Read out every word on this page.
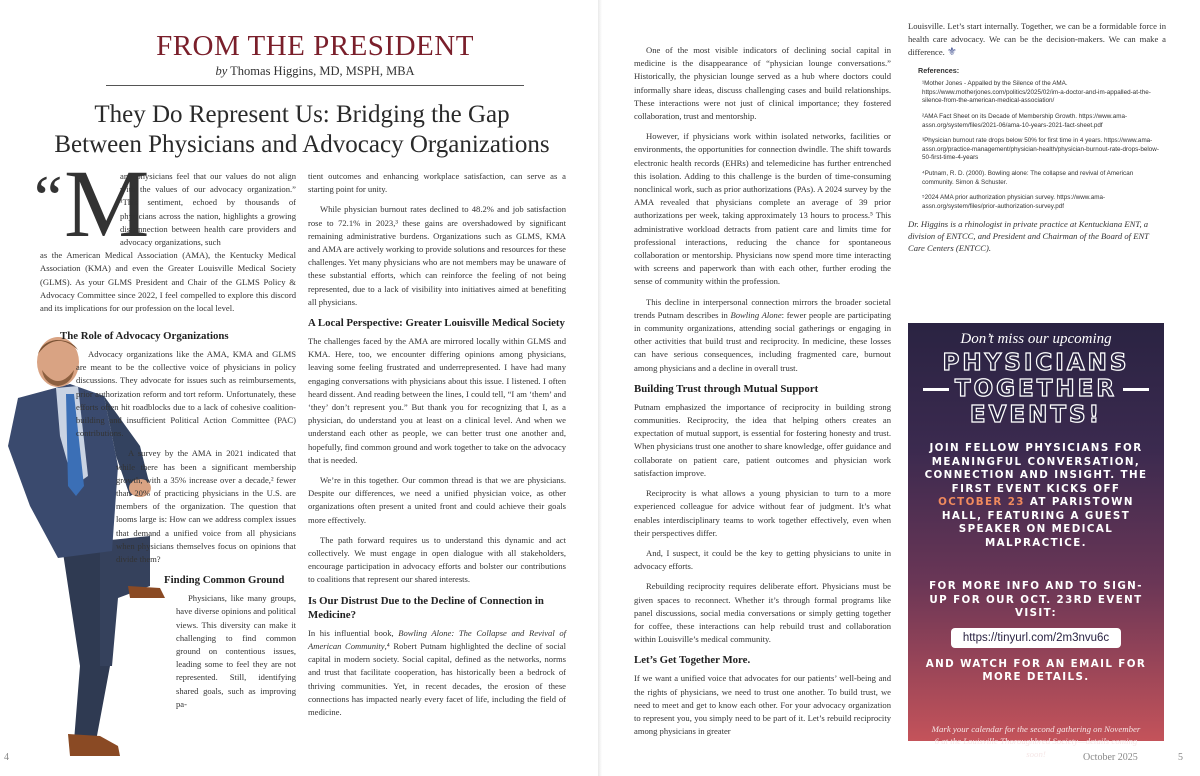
FROM THE PRESIDENT
by Thomas Higgins, MD, MSPH, MBA
They Do Represent Us: Bridging the Gap
Between Physicians and Advocacy Organizations
“ M

any physicians feel that our values do not align with the values of our advocacy organization.” ¹This sentiment, echoed by thousands of physicians across the nation, highlights a growing disconnection between health care providers and advocacy organizations, such

as the American Medical Association (AMA), the Kentucky Medical Association (KMA) and even the Greater Louisville Medical Society (GLMS). As your GLMS President and Chair of the GLMS Policy & Advocacy Committee since 2022, I feel compelled to explore this discord and its implications for our profession on the local level.

The Role of Advocacy Organizations

Advocacy organizations like the AMA, KMA and GLMS are meant to be the collective voice of physicians in policy discussions. They advocate for issues such as reimbursements, prior authorization reform and tort reform. Unfortunately, these efforts often hit roadblocks due to a lack of cohesive coalition-building and insufficient Political Action Committee (PAC) contributions.

A survey by the AMA in 2021 indicated that while there has been a significant membership growth, with a 35% increase over a decade,² fewer than 20% of practicing physicians in the U.S. are members of the organization. The question that looms large is: How can we address complex issues that demand a unified voice from all physicians when physicians themselves focus on opinions that divide them?

Finding Common Ground

Physicians, like many groups, have diverse opinions and political views. This diversity can make it challenging to find common ground on contentious issues, leading some to feel they are not represented. Still, identifying shared goals, such as improving pa-

tient outcomes and enhancing workplace satisfaction, can serve as a starting point for unity.

While physician burnout rates declined to 48.2% and job satisfaction rose to 72.1% in 2023,³ these gains are overshadowed by significant remaining administrative burdens. Organizations such as GLMS, KMA and AMA are actively working to provide solutions and resources for these challenges. Yet many physicians who are not members may be unaware of these substantial efforts, which can reinforce the feeling of not being represented, due to a lack of visibility into initiatives aimed at benefiting all physicians.

A Local Perspective: Greater Louisville Medical Society

The challenges faced by the AMA are mirrored locally within GLMS and KMA. Here, too, we encounter differing opinions among physicians, leaving some feeling frustrated and underrepresented. I have had many engaging conversations with physicians about this issue. I listened. I often heard dissent. And reading between the lines, I could tell, “I am ‘them’ and ‘they’ don’t represent you.” But thank you for recognizing that I, as a physician, do understand you at least on a clinical level. And when we understand each other as people, we can better trust one another and, hopefully, find common ground and work together to take on the advocacy that is needed.

We’re in this together. Our common thread is that we are physicians. Despite our differences, we need a unified physician voice, as other organizations often present a united front and could achieve their goals more effectively.

The path forward requires us to understand this dynamic and act collectively. We must engage in open dialogue with all stakeholders, encourage participation in advocacy efforts and bolster our contributions to coalitions that represent our shared interests.

Is Our Distrust Due to the Decline of Connection in Medicine?

In his influential book, Bowling Alone: The Collapse and Revival of American Community,⁴ Robert Putnam highlighted the decline of social capital in modern society. Social capital, defined as the networks, norms and trust that facilitate cooperation, has historically been a bedrock of thriving communities. Yet, in recent decades, the erosion of these connections has impacted nearly every facet of life, including the field of medicine.

4

One of the most visible indicators of declining social capital in medicine is the disappearance of “physician lounge conversations.” Historically, the physician lounge served as a hub where doctors could informally share ideas, discuss challenging cases and build relationships. These interactions were not just of clinical importance; they fostered collaboration, trust and mentorship.

However, if physicians work within isolated networks, facilities or environments, the opportunities for connection dwindle. The shift towards electronic health records (EHRs) and telemedicine has further entrenched this isolation. Adding to this challenge is the burden of time-consuming nonclinical work, such as prior authorizations (PAs). A 2024 survey by the AMA revealed that physicians complete an average of 39 prior authorizations per week, taking approximately 13 hours to process.⁵ This administrative workload detracts from patient care and limits time for professional interactions, reducing the chance for spontaneous collaboration or mentorship. Physicians now spend more time interacting with screens and paperwork than with each other, further eroding the sense of community within the profession.

This decline in interpersonal connection mirrors the broader societal trends Putnam describes in Bowling Alone: fewer people are participating in community organizations, attending social gatherings or engaging in other activities that build trust and reciprocity. In medicine, these losses can have serious consequences, including fragmented care, burnout among physicians and a decline in overall trust.

Building Trust through Mutual Support

Putnam emphasized the importance of reciprocity in building strong communities. Reciprocity, the idea that helping others creates an expectation of mutual support, is essential for fostering honesty and trust. When physicians trust one another to share knowledge, offer guidance and collaborate on patient care, patient outcomes and physician work satisfaction improve.

Reciprocity is what allows a young physician to turn to a more experienced colleague for advice without fear of judgment. It’s what enables interdisciplinary teams to work together effectively, even when their perspectives differ.

And, I suspect, it could be the key to getting physicians to unite in advocacy efforts.

Rebuilding reciprocity requires deliberate effort. Physicians must be given spaces to reconnect. Whether it’s through formal programs like panel discussions, social media conversations or simply getting together for coffee, these interactions can help rebuild trust and collaboration within Louisville’s medical community.

Let’s Get Together More.

If we want a unified voice that advocates for our patients’ well-being and the rights of physicians, we need to trust one another. To build trust, we need to meet and get to know each other. For your advocacy organization to represent you, you simply need to be part of it. Let’s rebuild reciprocity among physicians in greater

Louisville. Let’s start internally. Together, we can be a formidable force in health care advocacy. We can be the decision-makers. We can make a difference. ⚜

References:
¹Mother Jones - Appalled by the Silence of the AMA. https://www.motherjones.com/politics/2025/02/im-a-doctor-and-im-appalled-at-the-silence-from-the-american-medical-association/
²AMA Fact Sheet on its Decade of Membership Growth. https://www.ama-assn.org/system/files/2021-06/ama-10-years-2021-fact-sheet.pdf
³Physician burnout rate drops below 50% for first time in 4 years. https://www.ama-assn.org/practice-management/physician-health/physician-burnout-rate-drops-below-50-first-time-4-years
⁴Putnam, R. D. (2000). Bowling alone: The collapse and revival of American community. Simon & Schuster.
⁵2024 AMA prior authorization physician survey. https://www.ama-assn.org/system/files/prior-authorization-survey.pdf
Dr. Higgins is a rhinologist in private practice at Kentuckiana ENT, a division of ENTCC, and President and Chairman of the Board of ENT Care Centers (ENTCC).
Don’t miss our upcoming
PHYSICIANS
TOGETHER
EVENTS!
JOIN FELLOW PHYSICIANS FOR MEANINGFUL CONVERSATION, CONNECTION AND INSIGHT. THE FIRST EVENT KICKS OFF OCTOBER 23 AT PARISTOWN HALL, FEATURING A GUEST SPEAKER ON MEDICAL MALPRACTICE.
FOR MORE INFO AND TO SIGN-UP FOR OUR OCT. 23RD EVENT VISIT:
https://tinyurl.com/2m3nvu6c
AND WATCH FOR AN EMAIL FOR MORE DETAILS.
Mark your calendar for the second gathering on November 6 at the Louisville Thoroughbred Society—details coming soon!	October 2025	5
